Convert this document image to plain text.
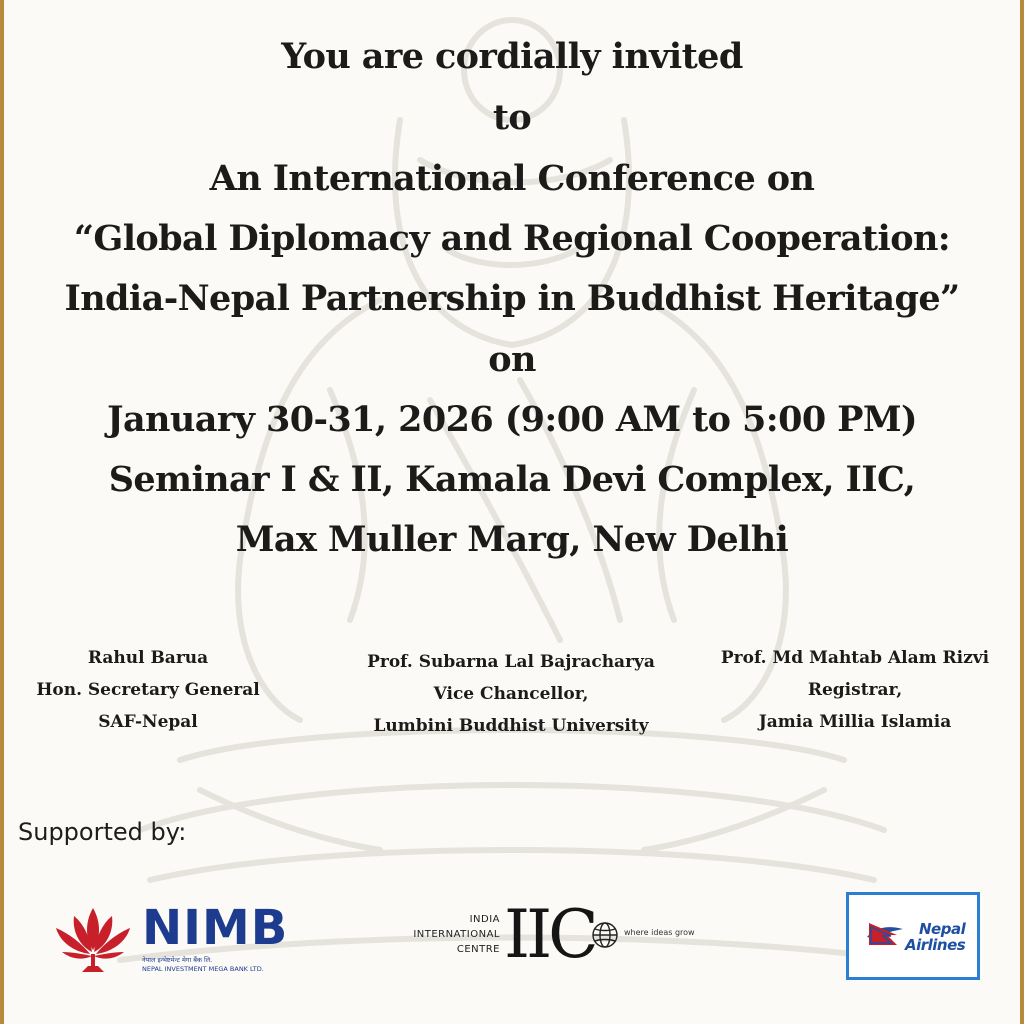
You are cordially invited
to
An International Conference on
“Global Diplomacy and Regional Cooperation:
India-Nepal Partnership in Buddhist Heritage”
on
January 30-31, 2026 (9:00 AM to 5:00 PM)
Seminar I & II, Kamala Devi Complex, IIC,
Max Muller Marg, New Delhi
Rahul Barua
Hon. Secretary General
SAF-Nepal
Prof. Subarna Lal Bajracharya
Vice Chancellor,
Lumbini Buddhist University
Prof. Md Mahtab Alam Rizvi
Registrar,
Jamia Millia Islamia
Supported by:
NIMB
नेपाल इन्भेष्टमेन्ट मेगा बैंक लि.
NEPAL INVESTMENT MEGA BANK LTD.
INDIA
INTERNATIONAL
CENTRE IIC	where ideas grow	Nepal
Airlines
